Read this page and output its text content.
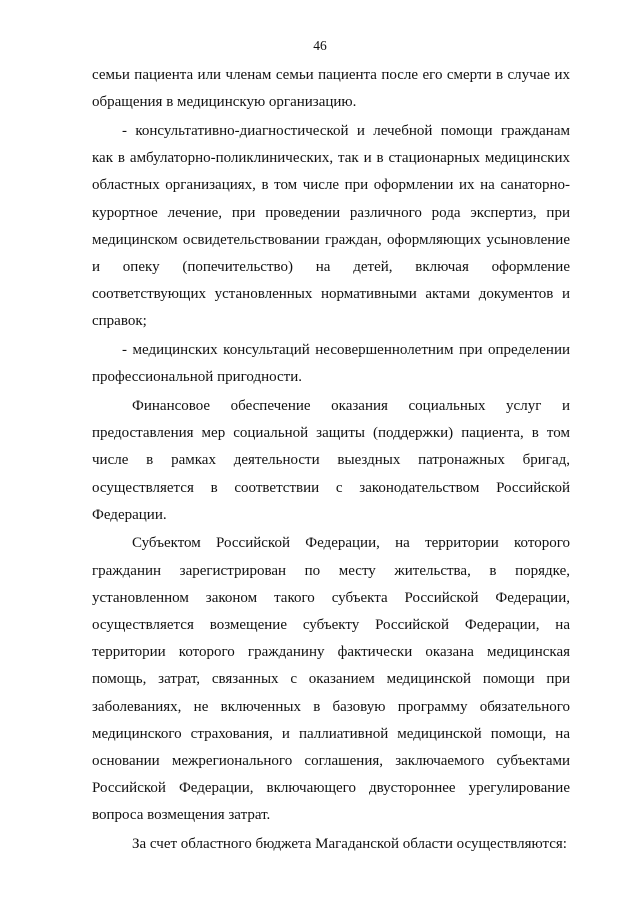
46

семьи пациента или членам семьи пациента после его смерти в случае их обращения в медицинскую организацию.

- консультативно-диагностической и лечебной помощи гражданам как в амбулаторно-поликлинических, так и в стационарных медицинских областных организациях, в том числе при оформлении их на санаторно-курортное лечение, при проведении различного рода экспертиз, при медицинском освидетельствовании граждан, оформляющих усыновление и опеку (попечительство) на детей, включая оформление соответствующих установленных нормативными актами документов и справок;

- медицинских консультаций несовершеннолетним при определении профессиональной пригодности.

Финансовое обеспечение оказания социальных услуг и предоставления мер социальной защиты (поддержки) пациента, в том числе в рамках деятельности выездных патронажных бригад, осуществляется в соответствии с законодательством Российской Федерации.

Субъектом Российской Федерации, на территории которого гражданин зарегистрирован по месту жительства, в порядке, установленном законом такого субъекта Российской Федерации, осуществляется возмещение субъекту Российской Федерации, на территории которого гражданину фактически оказана медицинская помощь, затрат, связанных с оказанием медицинской помощи при заболеваниях, не включенных в базовую программу обязательного медицинского страхования, и паллиативной медицинской помощи, на основании межрегионального соглашения, заключаемого субъектами Российской Федерации, включающего двустороннее урегулирование вопроса возмещения затрат.

За счет областного бюджета Магаданской области осуществляются:
